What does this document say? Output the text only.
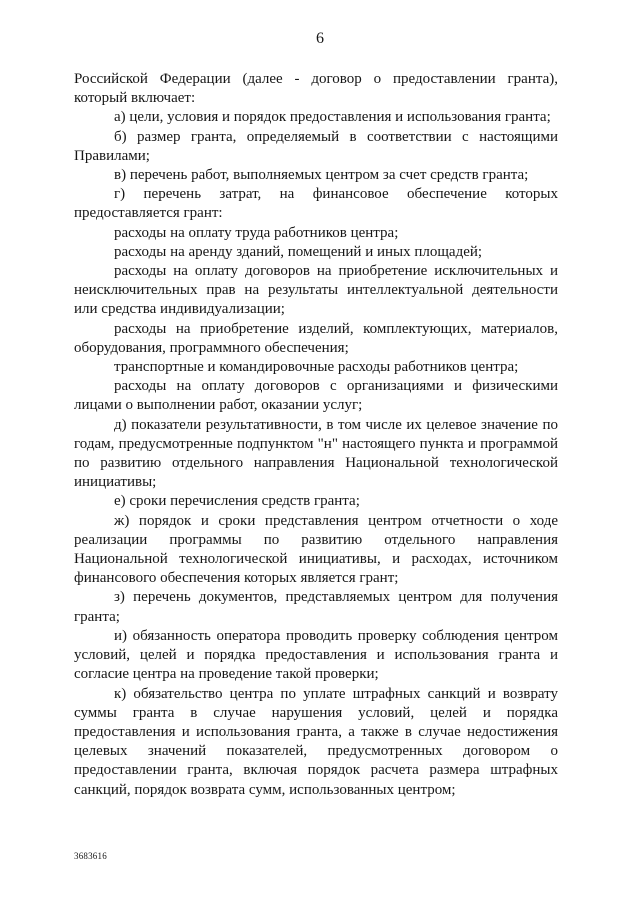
6

Российской Федерации (далее - договор о предоставлении гранта), который включает:

а) цели, условия и порядок предоставления и использования гранта;

б) размер гранта, определяемый в соответствии с настоящими Правилами;

в) перечень работ, выполняемых центром за счет средств гранта;

г) перечень затрат, на финансовое обеспечение которых предоставляется грант:

расходы на оплату труда работников центра;

расходы на аренду зданий, помещений и иных площадей;

расходы на оплату договоров на приобретение исключительных и неисключительных прав на результаты интеллектуальной деятельности или средства индивидуализации;

расходы на приобретение изделий, комплектующих, материалов, оборудования, программного обеспечения;

транспортные и командировочные расходы работников центра;

расходы на оплату договоров с организациями и физическими лицами о выполнении работ, оказании услуг;

д) показатели результативности, в том числе их целевое значение по годам, предусмотренные подпунктом "н" настоящего пункта и программой по развитию отдельного направления Национальной технологической инициативы;

е) сроки перечисления средств гранта;

ж) порядок и сроки представления центром отчетности о ходе реализации программы по развитию отдельного направления Национальной технологической инициативы, и расходах, источником финансового обеспечения которых является грант;

з) перечень документов, представляемых центром для получения гранта;

и) обязанность оператора проводить проверку соблюдения центром условий, целей и порядка предоставления и использования гранта и согласие центра на проведение такой проверки;

к) обязательство центра по уплате штрафных санкций и возврату суммы гранта в случае нарушения условий, целей и порядка предоставления и использования гранта, а также в случае недостижения целевых значений показателей, предусмотренных договором о предоставлении гранта, включая порядок расчета размера штрафных санкций, порядок возврата сумм, использованных центром;

3683616
